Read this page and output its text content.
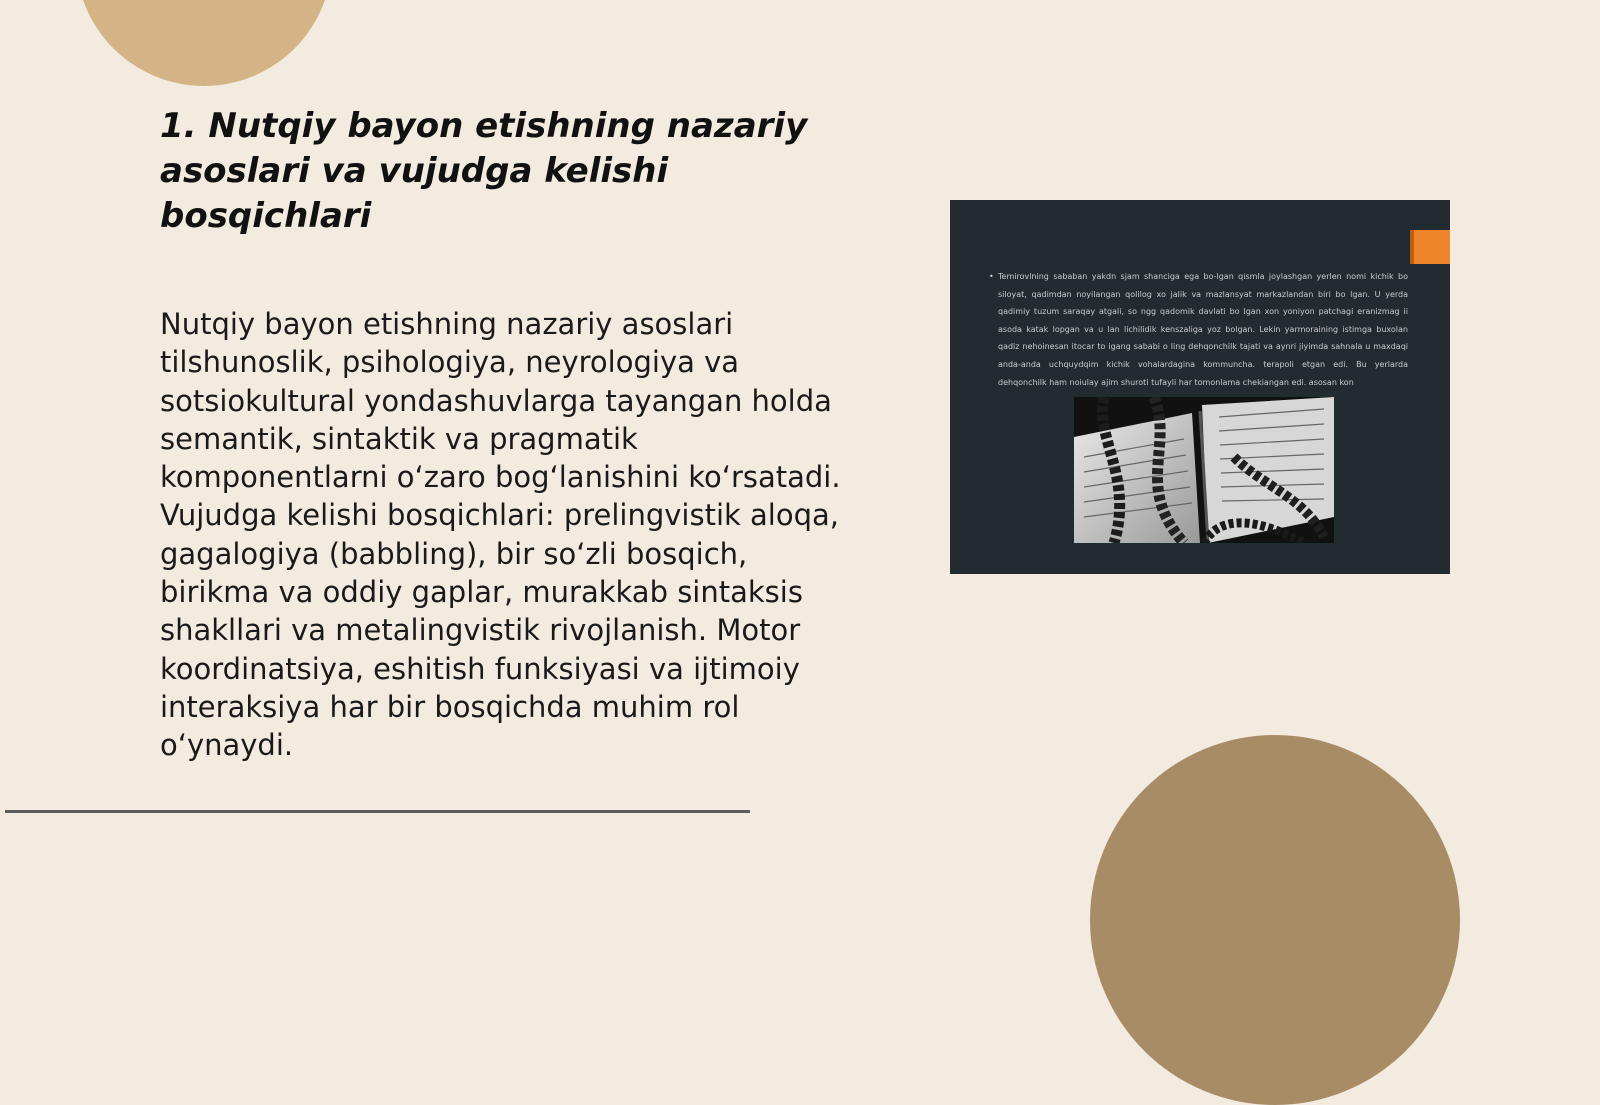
1. Nutqiy bayon etishning nazariy asoslari va vujudga kelishi bosqichlari

Nutqiy bayon etishning nazariy asoslari tilshunoslik, psihologiya, neyrologiya va sotsiokultural yondashuvlarga tayangan holda semantik, sintaktik va pragmatik komponentlarni o‘zaro bog‘lanishini ko‘rsatadi. Vujudga kelishi bosqichlari: prelingvistik aloqa, gagalogiya (babbling), bir so‘zli bosqich, birikma va oddiy gaplar, murakkab sintaksis shakllari va metalingvistik rivojlanish. Motor koordinatsiya, eshitish funksiyasi va ijtimoiy interaksiya har bir bosqichda muhim rol o‘ynaydi.

• Temirovlning sababan yakdn sjam shanciga ega bo-lgan qismla joylashgan yerlen nomi kichik bo siloyat, qadimdan noyilangan qolilog xo jalik va mazlansyat markazlandan biri bo lgan. U yerda qadimiy tuzum saraqay atgali, so ngg qadomik davlati bo lgan xon yoniyon patchagi eranizmag ii asoda katak lopgan va u lan lichilidik kenszaliga yoz bolgan. Lekin yarmoraining istimga buxolan qadiz nehoinesan itocar to igang sababi o ling dehqonchilk tajati va aynri jiyimda sahnala u maxdaqi anda-anda uchquydqim kichik vohalardagina kommuncha. terapoli etgan edi. Bu yerlarda dehqonchilk ham noiulay ajim shuroti tufayli har tomonlama chekiangan edi. asosan kon
